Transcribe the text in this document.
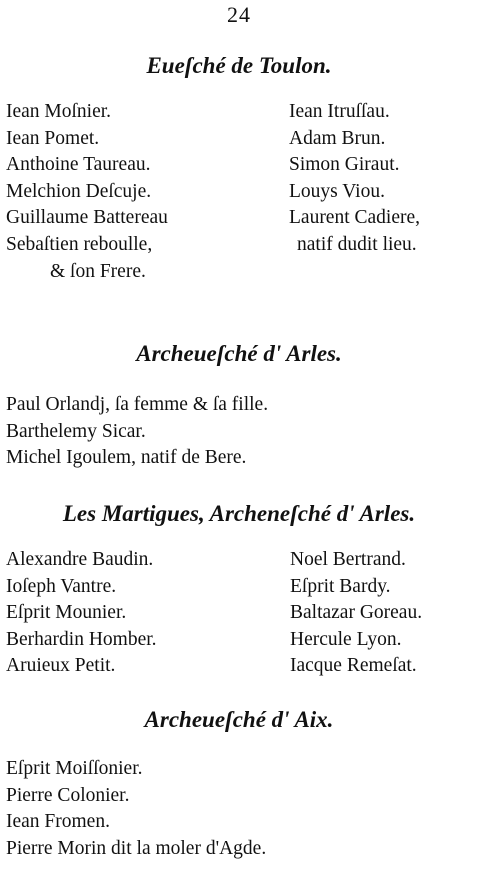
24
Eueſché de Toulon.
Iean Moſnier.
Iean Pomet.
Anthoine Taureau.
Melchion Deſcuje.
Guillaume Battereau
Sebaſtien reboulle,
& ſon Frere.
Iean Itruſſau.
Adam Brun.
Simon Giraut.
Louys Viou.
Laurent Cadiere,
natif dudit lieu.
Archeueſché d' Arles.
Paul Orlandj, ſa femme & ſa fille.
Barthelemy Sicar.
Michel Igoulem, natif de Bere.
Les Martigues, Archeneſché d' Arles.
Alexandre Baudin.
Ioſeph Vantre.
Eſprit Mounier.
Berhardin Homber.
Aruieux Petit.
Noel Bertrand.
Eſprit Bardy.
Baltazar Goreau.
Hercule Lyon.
Iacque Remeſat.
Archeueſché d' Aix.
Eſprit Moiſſonier.
Pierre Colonier.
Iean Fromen.
Pierre Morin dit la moler d'Agde.
